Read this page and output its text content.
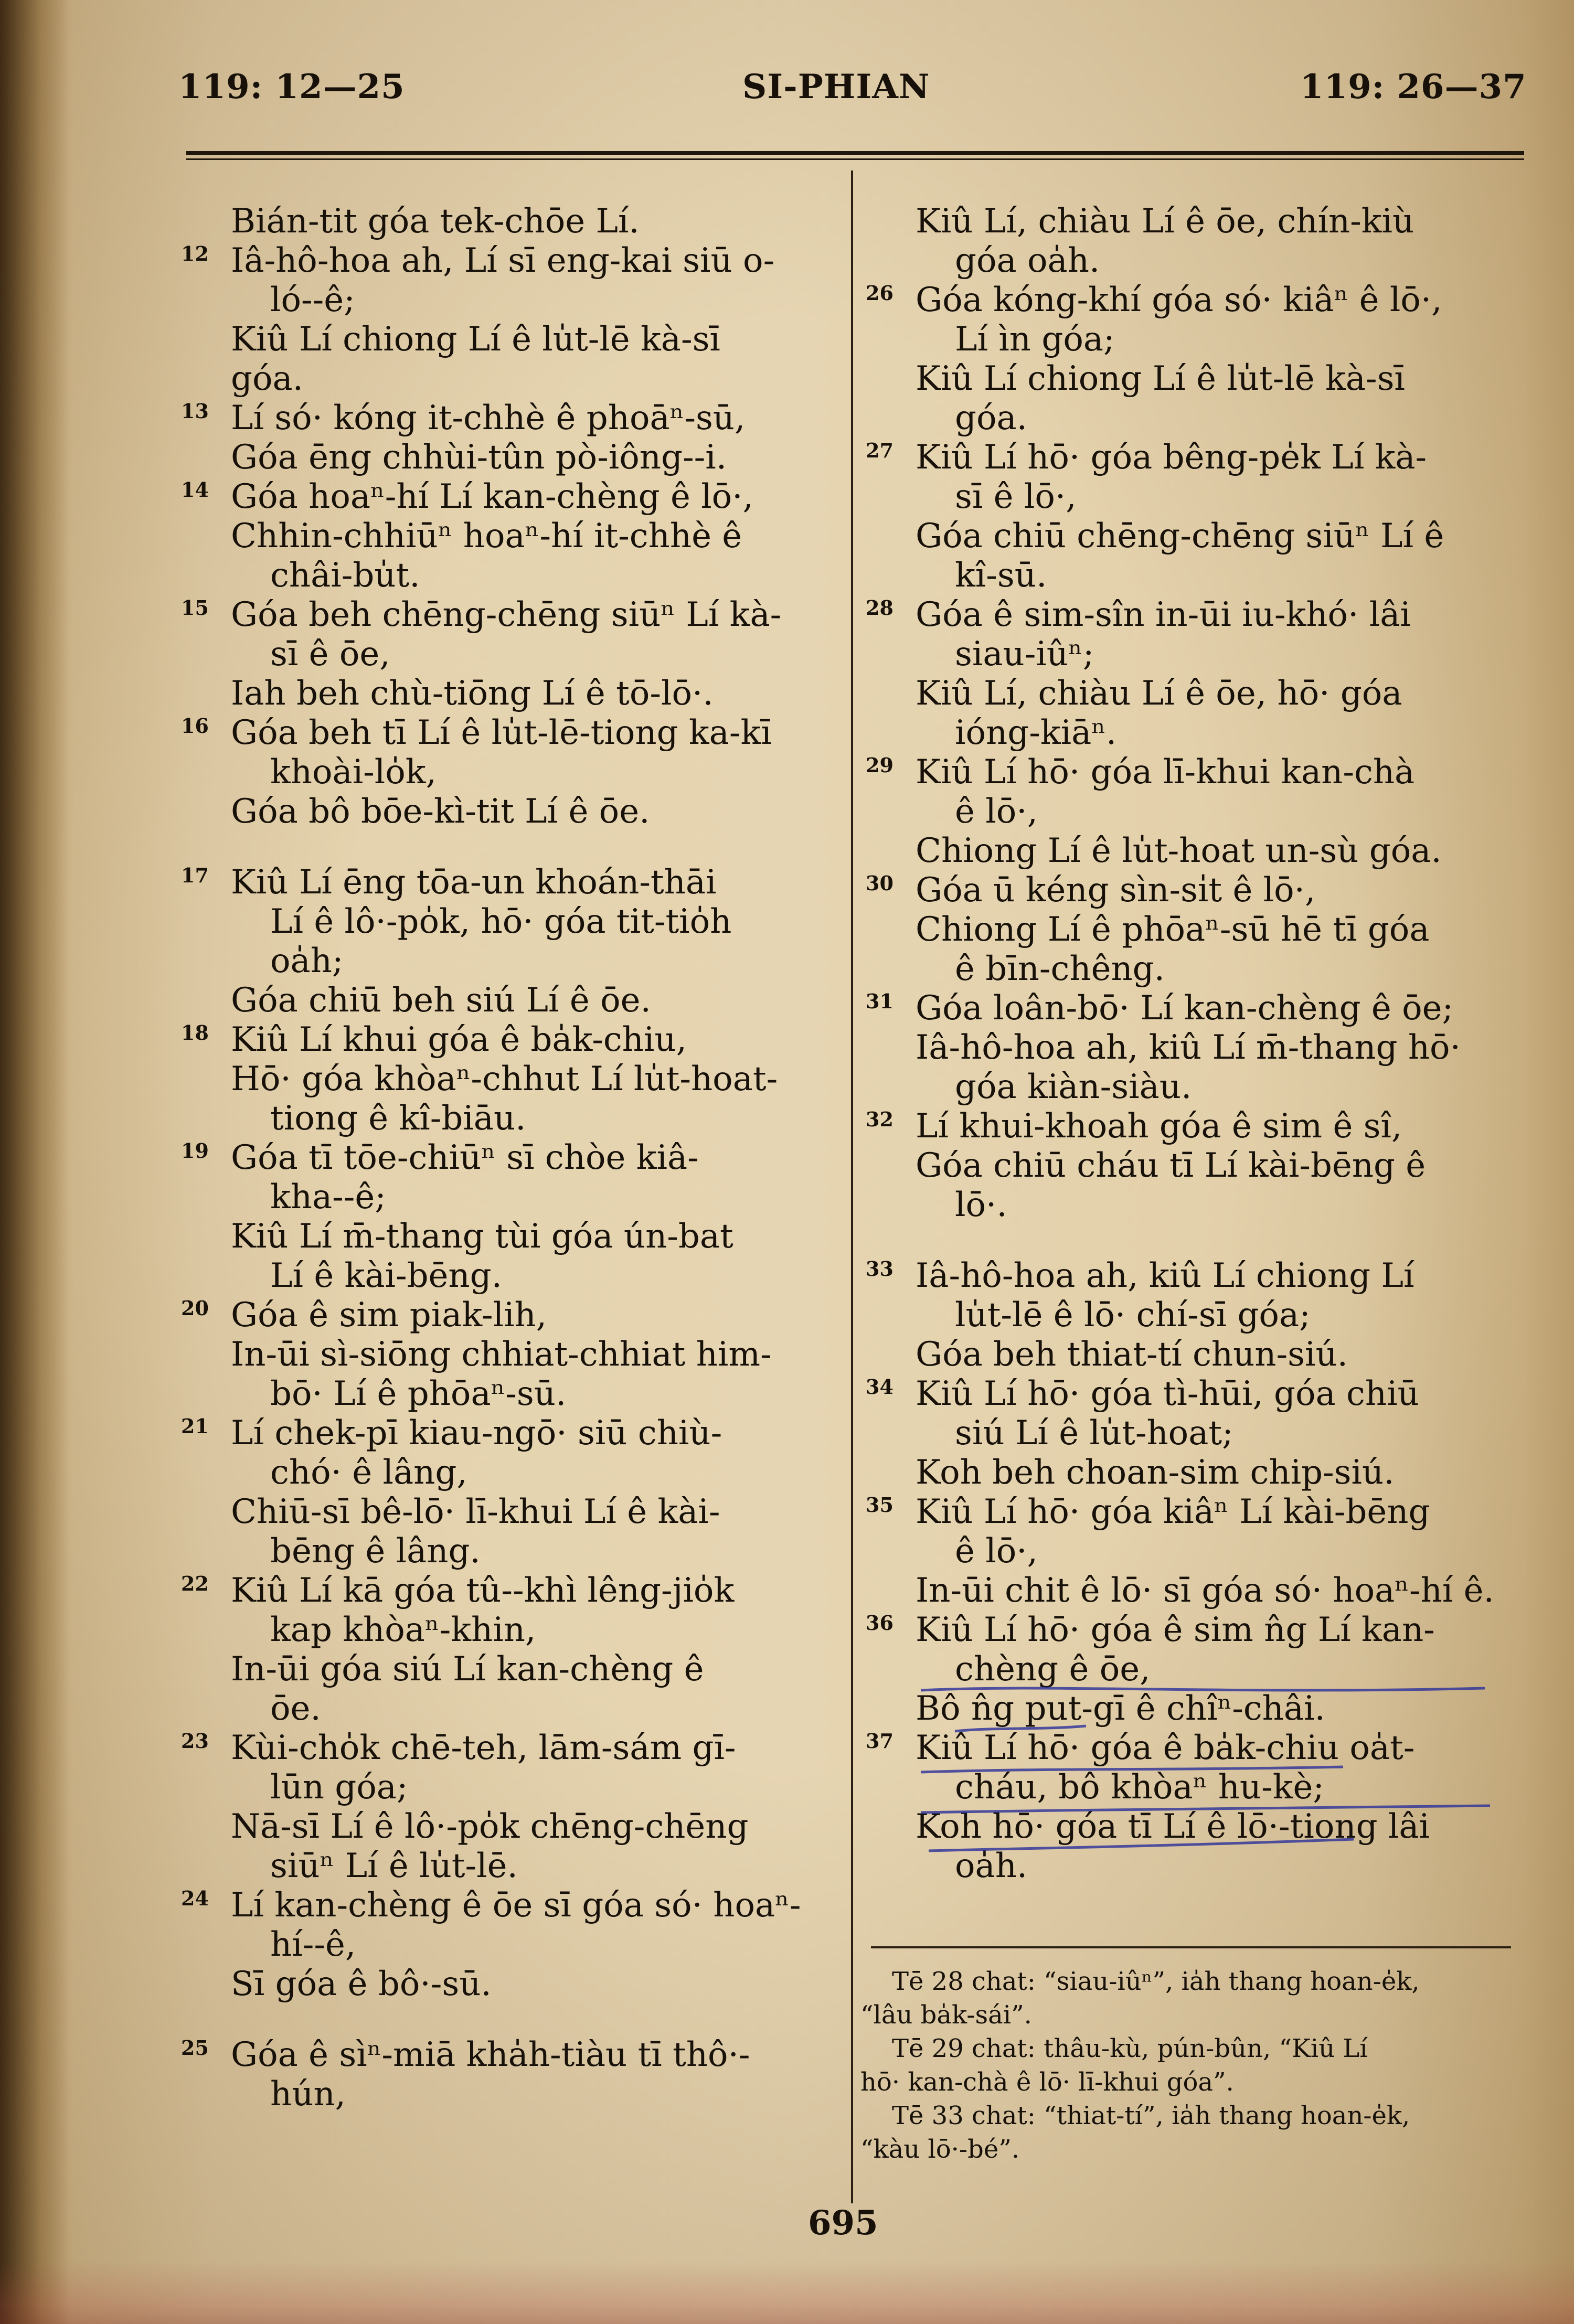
119: 12—25	SI-PHIAN	119: 26—37
Bián-tit góa tek-chōe Lí.
12 Iâ-hô-hoa ah, Lí sī eng-kai siū o-
ló--ê;
Kiû Lí chiong Lí ê lu̍t-lē kà-sī
góa.
13 Lí só· kóng it-chhè ê phoāⁿ-sū,
Góa ēng chhùi-tûn pò-iông--i.
14 Góa hoaⁿ-hí Lí kan-chèng ê lō·,
Chhin-chhiūⁿ hoaⁿ-hí it-chhè ê
châi-bu̍t.
15 Góa beh chēng-chēng siūⁿ Lí kà-
sī ê ōe,
Iah beh chù-tiōng Lí ê tō-lō·.
16 Góa beh tī Lí ê lu̍t-lē-tiong ka-kī
khoài-lo̍k,
Góa bô bōe-kì-tit Lí ê ōe.
17 Kiû Lí ēng tōa-un khoán-thāi
Lí ê lô·-po̍k, hō· góa tit-tio̍h
oa̍h;
Góa chiū beh siú Lí ê ōe.
18 Kiû Lí khui góa ê ba̍k-chiu,
Hō· góa khòaⁿ-chhut Lí lu̍t-hoat-
tiong ê kî-biāu.
19 Góa tī tōe-chiūⁿ sī chòe kiâ-
kha--ê;
Kiû Lí m̄-thang tùi góa ún-bat
Lí ê kài-bēng.
20 Góa ê sim piak-lih,
In-ūi sì-siōng chhiat-chhiat him-
bō· Lí ê phōaⁿ-sū.
21 Lí chek-pī kiau-ngō· siū chiù-
chó· ê lâng,
Chiū-sī bê-lō· lī-khui Lí ê kài-
bēng ê lâng.
22 Kiû Lí kā góa tû--khì lêng-jio̍k
kap khòaⁿ-khin,
In-ūi góa siú Lí kan-chèng ê
ōe.
23 Kùi-cho̍k chē-teh, lām-sám gī-
lūn góa;
Nā-sī Lí ê lô·-po̍k chēng-chēng
siūⁿ Lí ê lu̍t-lē.
24 Lí kan-chèng ê ōe sī góa só· hoaⁿ-
hí--ê,
Sī góa ê bô·-sū.
25 Góa ê sìⁿ-miā kha̍h-tiàu tī thô·-
hún,
Kiû Lí, chiàu Lí ê ōe, chín-kiù
góa oa̍h.
26 Góa kóng-khí góa só· kiâⁿ ê lō·,
Lí ìn góa;
Kiû Lí chiong Lí ê lu̍t-lē kà-sī
góa.
27 Kiû Lí hō· góa bêng-pe̍k Lí kà-
sī ê lō·,
Góa chiū chēng-chēng siūⁿ Lí ê
kî-sū.
28 Góa ê sim-sîn in-ūi iu-khó· lâi
siau-iûⁿ;
Kiû Lí, chiàu Lí ê ōe, hō· góa
ióng-kiāⁿ.
29 Kiû Lí hō· góa lī-khui kan-chà
ê lō·,
Chiong Lí ê lu̍t-hoat un-sù góa.
30 Góa ū kéng sìn-si̍t ê lō·,
Chiong Lí ê phōaⁿ-sū hē tī góa
ê bīn-chêng.
31 Góa loân-bō· Lí kan-chèng ê ōe;
Iâ-hô-hoa ah, kiû Lí m̄-thang hō·
góa kiàn-siàu.
32 Lí khui-khoah góa ê sim ê sî,
Góa chiū cháu tī Lí kài-bēng ê
lō·.
33 Iâ-hô-hoa ah, kiû Lí chiong Lí
lu̍t-lē ê lō· chí-sī góa;
Góa beh thiat-tí chun-siú.
34 Kiû Lí hō· góa tì-hūi, góa chiū
siú Lí ê lu̍t-hoat;
Koh beh choan-sim chip-siú.
35 Kiû Lí hō· góa kiâⁿ Lí kài-bēng
ê lō·,
In-ūi chit ê lō· sī góa só· hoaⁿ-hí ê.
36 Kiû Lí hō· góa ê sim n̂g Lí kan-
chèng ê ōe,
Bô n̂g put-gī ê chîⁿ-châi.
37 Kiû Lí hō· góa ê ba̍k-chiu oa̍t-
cháu, bô khòaⁿ hu-kè;
Koh hō· góa tī Lí ê lō·-tiong lâi
oa̍h.
Tē 28 chat: “siau-iûⁿ”, ia̍h thang hoan-e̍k,
“lâu ba̍k-sái”.
Tē 29 chat: thâu-kù, pún-bûn, “Kiû Lí
hō· kan-chà ê lō· lī-khui góa”.
Tē 33 chat: “thiat-tí”, ia̍h thang hoan-e̍k,
“kàu lō·-bé”.
695
